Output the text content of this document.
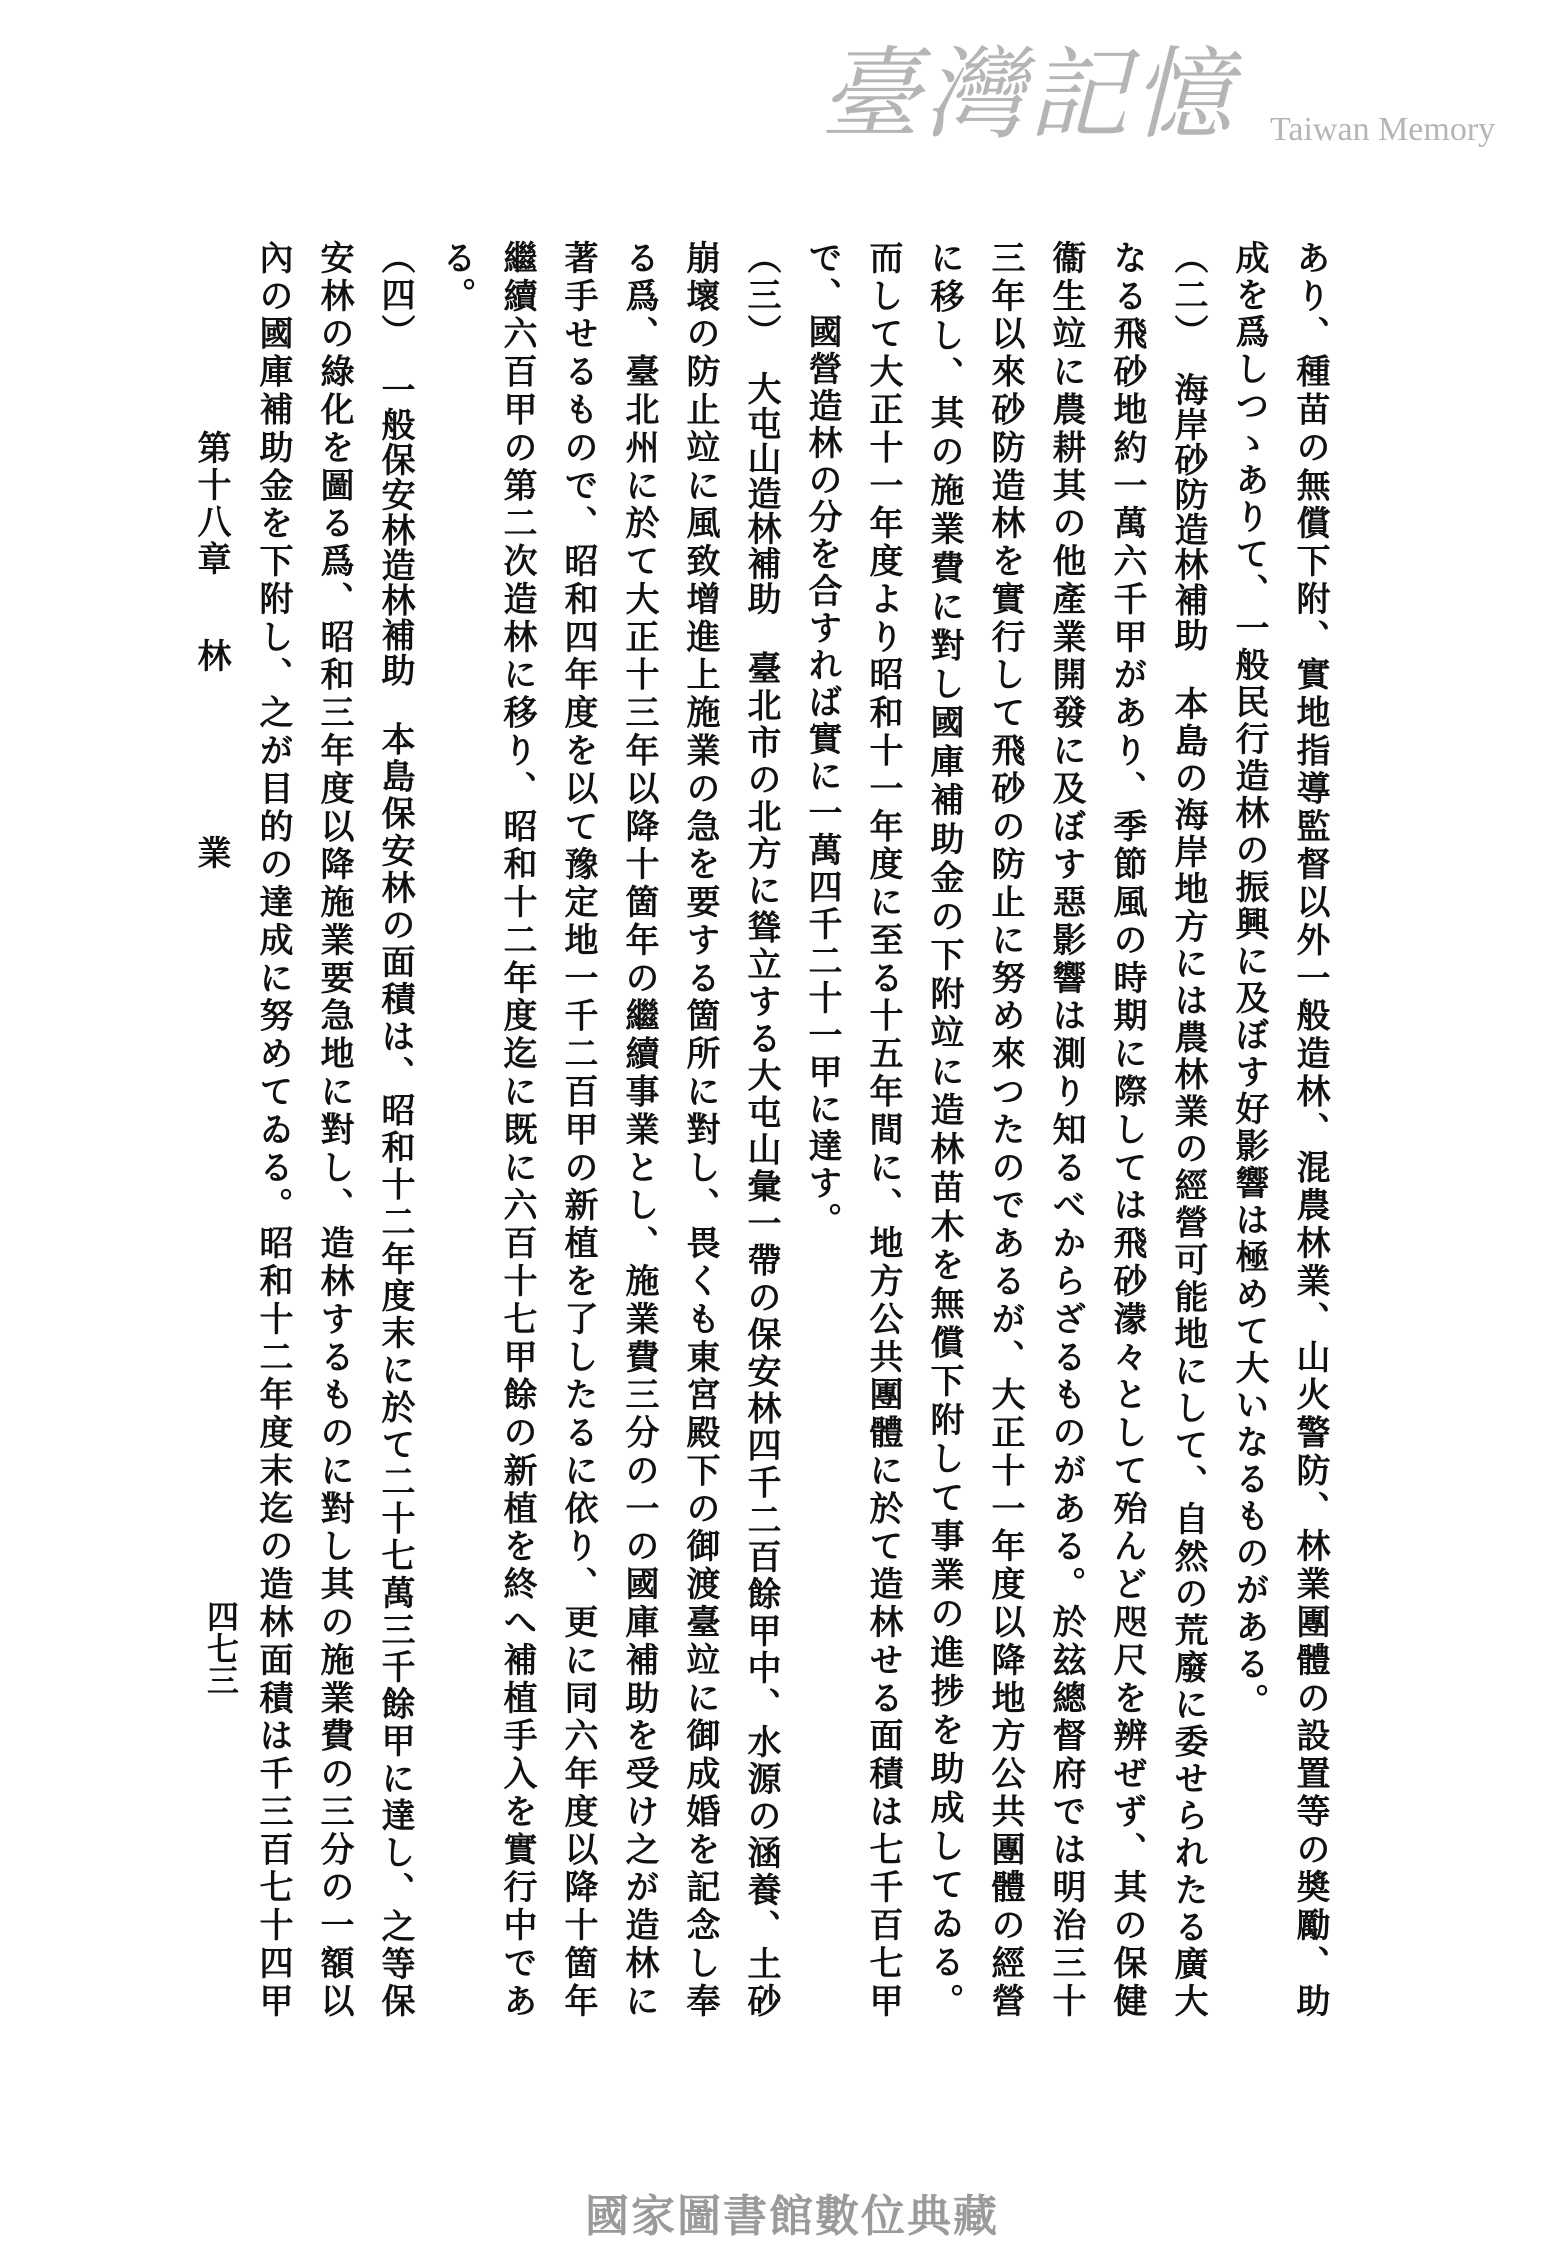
第十八章林業
四七三	あり、種苗の無償下附、實地指導監督以外一般造林、混農林業、山火警防、林業團體の設置等の奬勵、助
成を爲しつゝありて、一般民行造林の振興に及ぼす好影響は極めて大いなるものがある。
（二）海岸砂防造林補助本島の海岸地方には農林業の經營可能地にして、自然の荒廢に委せられたる廣大
なる飛砂地約一萬六千甲があり、季節風の時期に際しては飛砂濛々として殆んど咫尺を辨ぜず、其の保健
衞生竝に農耕其の他產業開發に及ぼす惡影響は測り知るべからざるものがある。於玆總督府では明治三十
三年以來砂防造林を實行して飛砂の防止に努め來つたのであるが、大正十一年度以降地方公共團體の經營
に移し、其の施業費に對し國庫補助金の下附竝に造林苗木を無償下附して事業の進捗を助成してゐる。
而して大正十一年度より昭和十一年度に至る十五年間に、地方公共團體に於て造林せる面積は七千百七甲
で、國營造林の分を合すれば實に一萬四千二十一甲に達す。
（三）大屯山造林補助臺北市の北方に聳立する大屯山彙一帶の保安林四千二百餘甲中、水源の涵養、土砂
崩壞の防止竝に風致增進上施業の急を要する箇所に對し、畏くも東宮殿下の御渡臺竝に御成婚を記念し奉
る爲、臺北州に於て大正十三年以降十箇年の繼續事業とし、施業費三分の一の國庫補助を受け之が造林に
著手せるもので、昭和四年度を以て豫定地一千二百甲の新植を了したるに依り、更に同六年度以降十箇年
繼續六百甲の第二次造林に移り、昭和十二年度迄に既に六百十七甲餘の新植を終へ補植手入を實行中であ
る。
（四）一般保安林造林補助本島保安林の面積は、昭和十二年度末に於て二十七萬三千餘甲に達し、之等保
安林の綠化を圖る爲、昭和三年度以降施業要急地に對し、造林するものに對し其の施業費の三分の一額以
內の國庫補助金を下附し、之が目的の達成に努めてゐる。昭和十二年度末迄の造林面積は千三百七十四甲
臺灣記憶 Taiwan Memory
國家圖書館數位典藏
